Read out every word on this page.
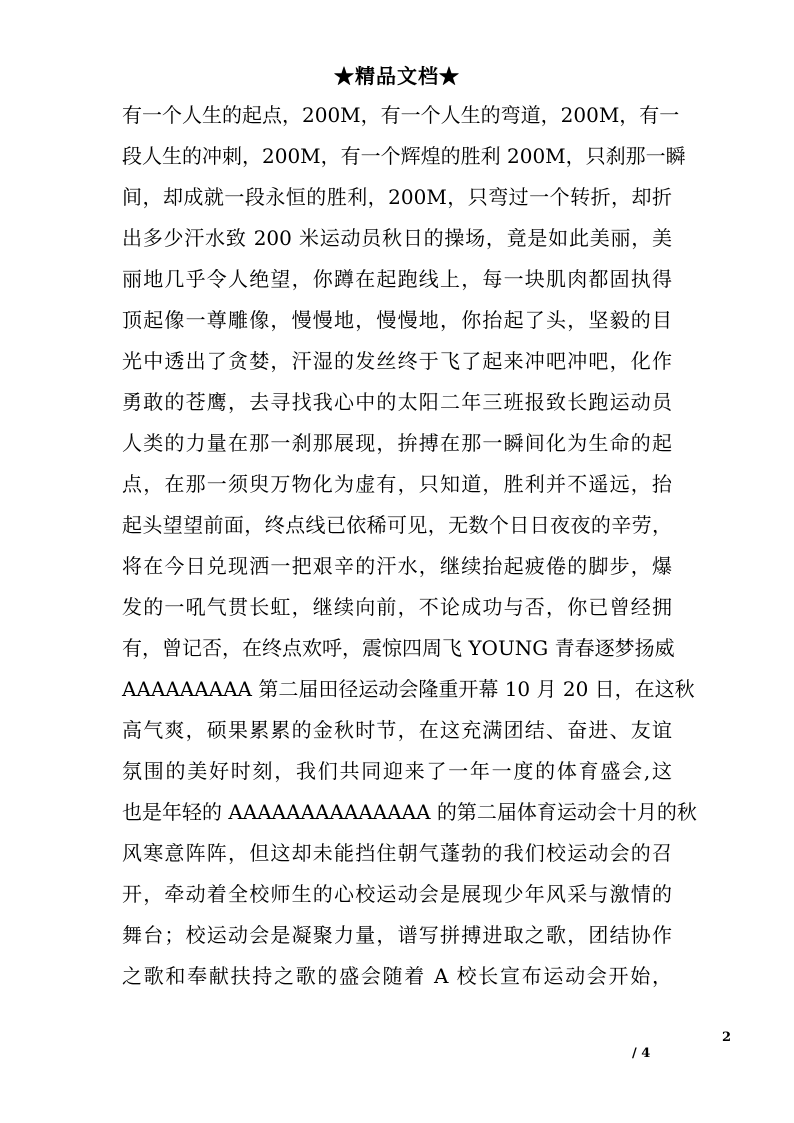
★精品文档★
有一个人生的起点，200M，有一个人生的弯道，200M，有一
段人生的冲刺，200M，有一个辉煌的胜利 200M，只刹那一瞬
间，却成就一段永恒的胜利，200M，只弯过一个转折，却折
出多少汗水致 200 米运动员秋日的操场，竟是如此美丽，美
丽地几乎令人绝望，你蹲在起跑线上，每一块肌肉都固执得
顶起像一尊雕像，慢慢地，慢慢地，你抬起了头，坚毅的目
光中透出了贪婪，汗湿的发丝终于飞了起来冲吧冲吧，化作
勇敢的苍鹰，去寻找我心中的太阳二年三班报致长跑运动员
人类的力量在那一刹那展现，拚搏在那一瞬间化为生命的起
点，在那一须臾万物化为虚有，只知道，胜利并不遥远，抬
起头望望前面，终点线已依稀可见，无数个日日夜夜的辛劳，
将在今日兑现洒一把艰辛的汗水，继续抬起疲倦的脚步，爆
发的一吼气贯长虹，继续向前，不论成功与否，你已曾经拥
有，曾记否，在终点欢呼，震惊四周飞 YOUNG 青春逐梦扬威
AAAAAAAAA 第二届田径运动会隆重开幕 10 月 20 日，在这秋
高气爽，硕果累累的金秋时节，在这充满团结、奋进、友谊
氛围的美好时刻，我们共同迎来了一年一度的体育盛会,这
也是年轻的 AAAAAAAAAAAAAA 的第二届体育运动会十月的秋
风寒意阵阵，但这却未能挡住朝气蓬勃的我们校运动会的召
开，牵动着全校师生的心校运动会是展现少年风采与激情的
舞台；校运动会是凝聚力量，谱写拼搏进取之歌，团结协作
之歌和奉献扶持之歌的盛会随着 A 校长宣布运动会开始，
2
/ 4
